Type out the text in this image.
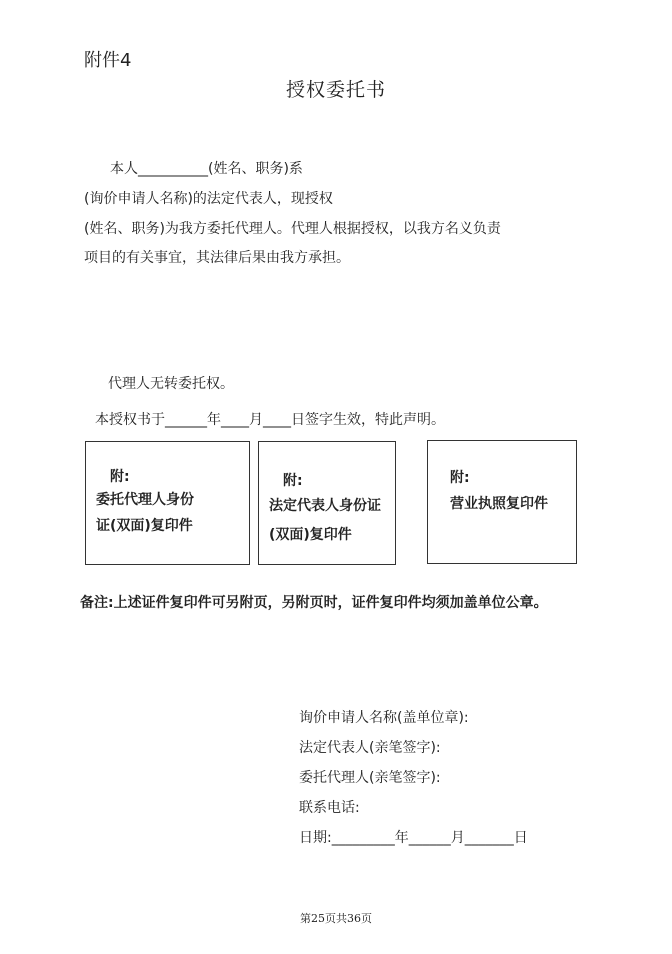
附件4
授权委托书
本人__________(姓名、职务)系
(询价申请人名称)的法定代表人，现授权
(姓名、职务)为我方委托代理人。代理人根据授权，以我方名义负责
项目的有关事宜，其法律后果由我方承担。
代理人无转委托权。
本授权书于______年____月____日签字生效，特此声明。
附:
委托代理人身份
证(双面)复印件
附:
法定代表人身份证
(双面)复印件
附:
营业执照复印件
备注:上述证件复印件可另附页，另附页时，证件复印件均须加盖单位公章。
询价申请人名称(盖单位章):
法定代表人(亲笔签字):
委托代理人(亲笔签字):
联系电话:
日期:_________年______月_______日
第25页共36页
